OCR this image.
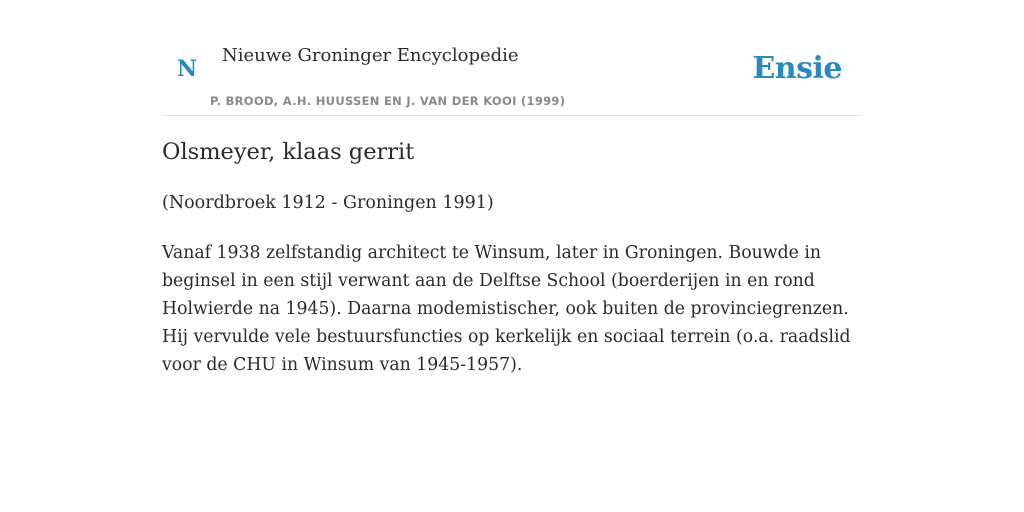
N
Nieuwe Groninger Encyclopedie
P. BROOD, A.H. HUUSSEN EN J. VAN DER KOOI (1999)
Ensie
Olsmeyer, klaas gerrit

(Noordbroek 1912 - Groningen 1991)

Vanaf 1938 zelfstandig architect te Winsum, later in Groningen. Bouwde in beginsel in een stijl verwant aan de Delftse School (boerderijen in en rond Holwierde na 1945). Daarna modemistischer, ook buiten de provinciegrenzen. Hij vervulde vele bestuursfuncties op kerkelijk en sociaal terrein (o.a. raadslid voor de CHU in Winsum van 1945-1957).
